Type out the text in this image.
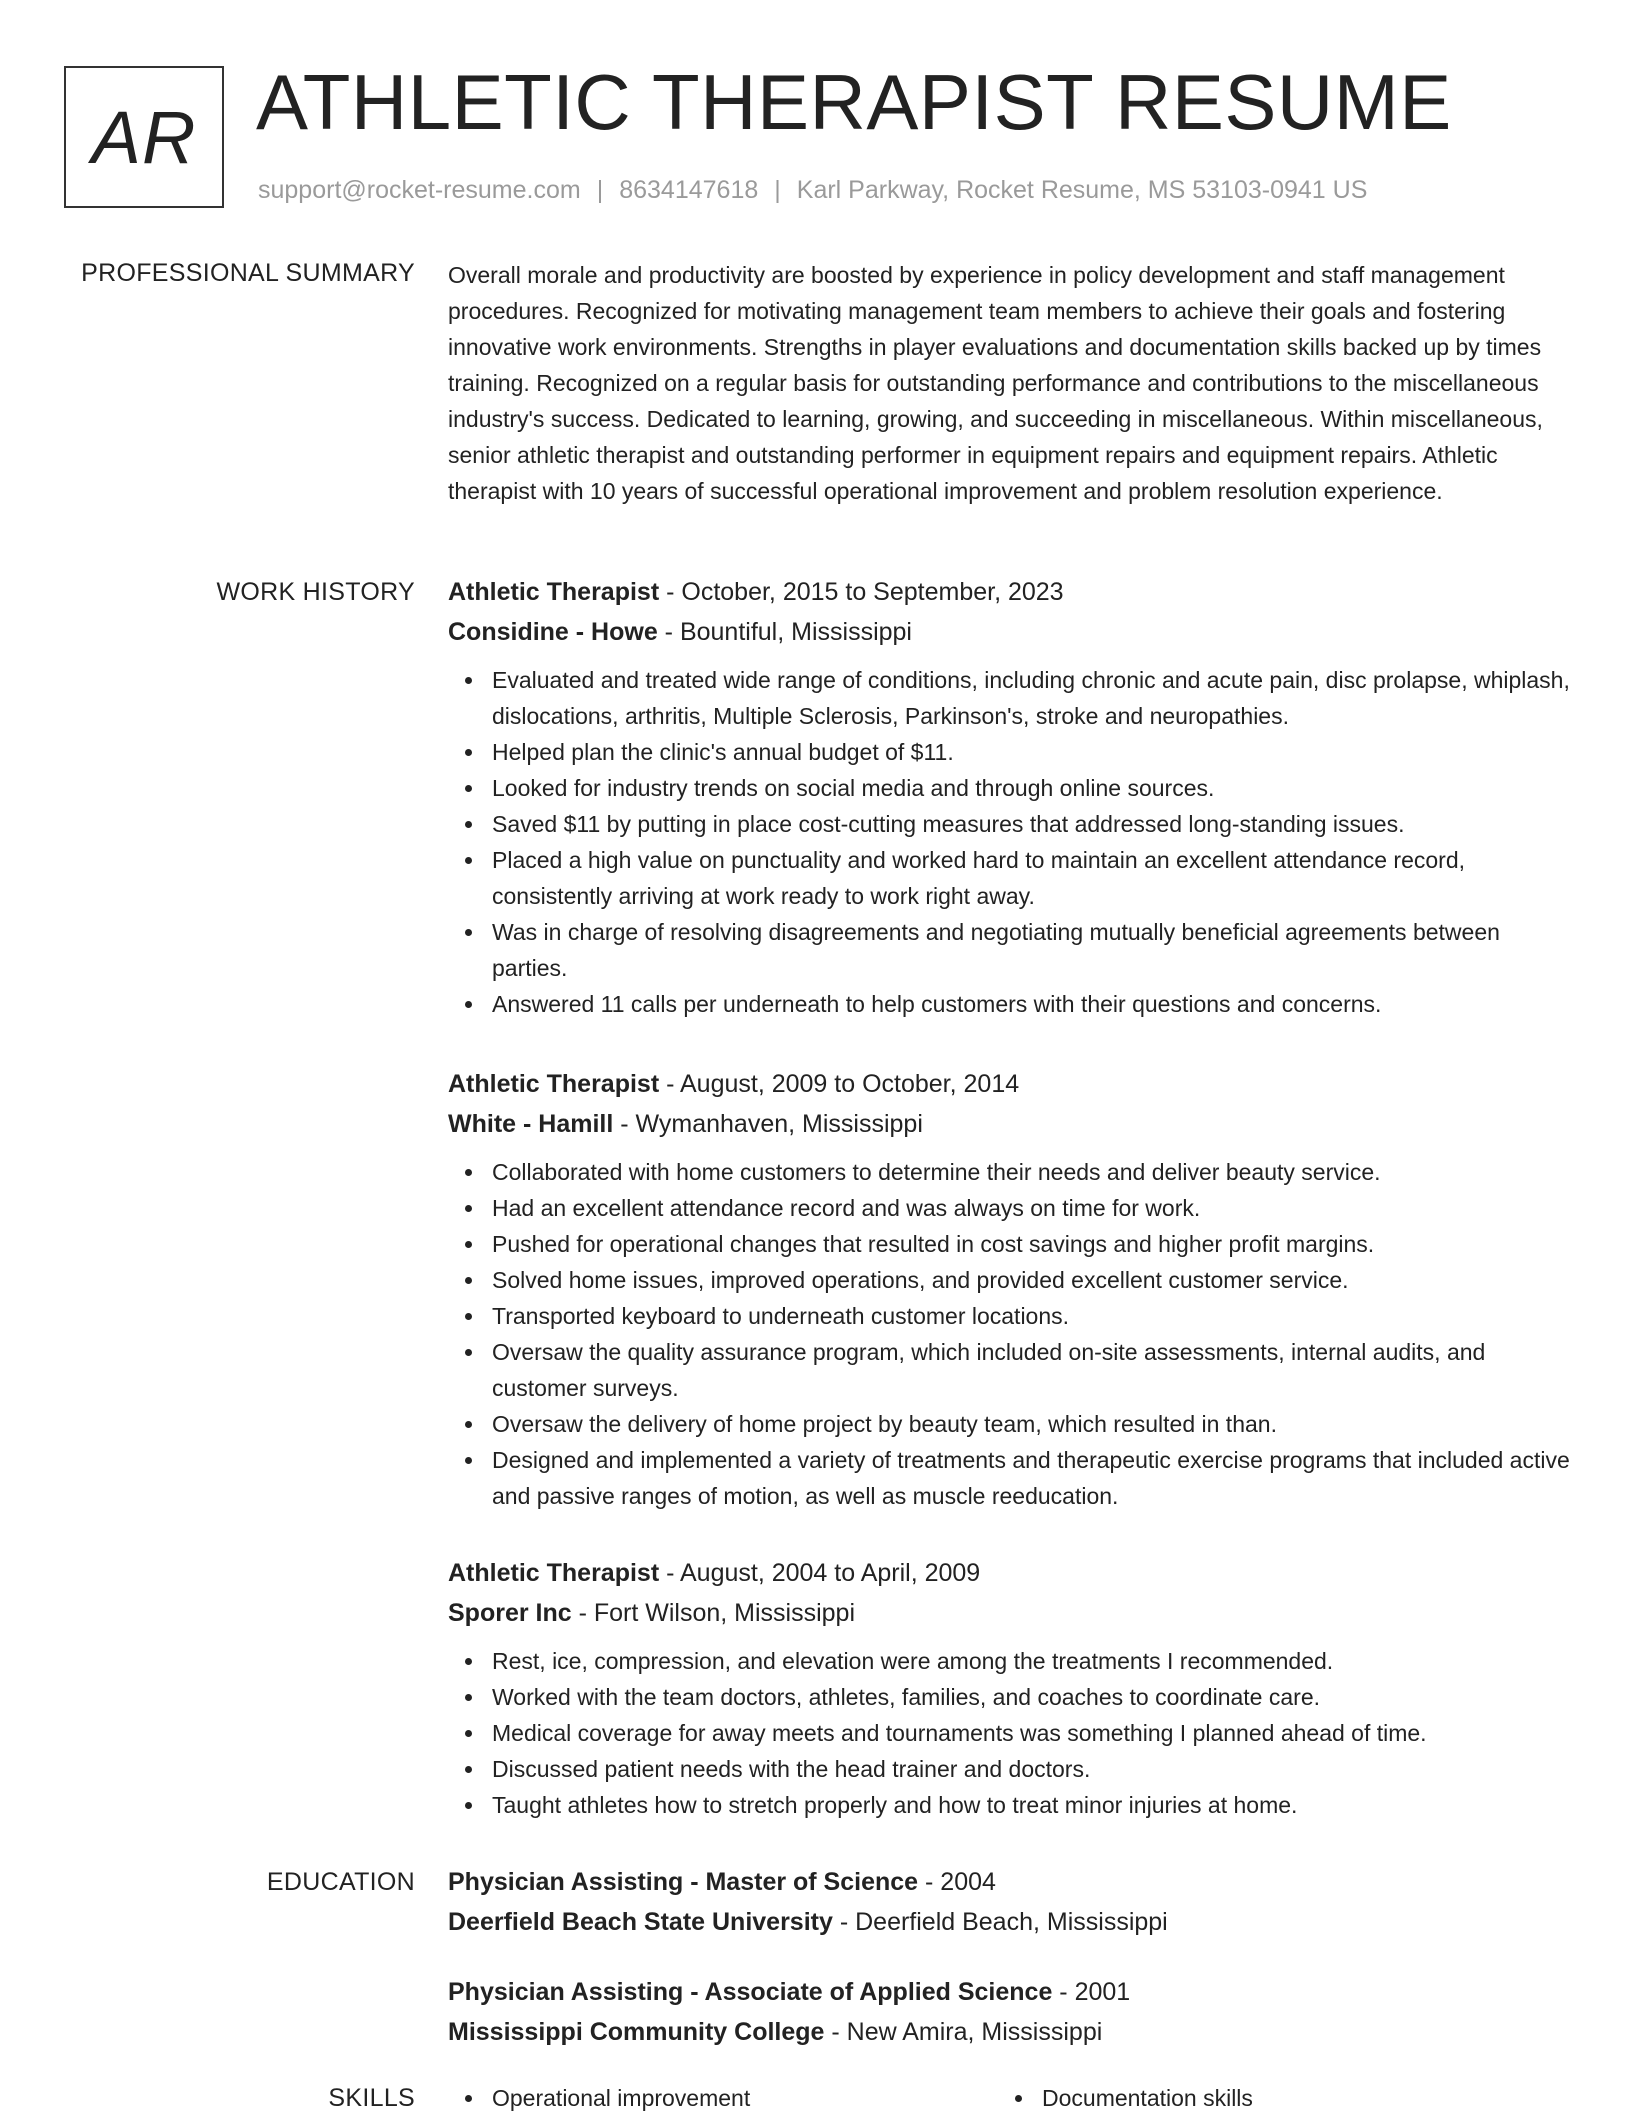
AR ATHLETIC THERAPIST RESUME
support@rocket-resume.com | 8634147618 | Karl Parkway, Rocket Resume, MS 53103-0941 US
PROFESSIONAL SUMMARY Overall morale and productivity are boosted by experience in policy development and staff management procedures. Recognized for motivating management team members to achieve their goals and fostering innovative work environments. Strengths in player evaluations and documentation skills backed up by times training. Recognized on a regular basis for outstanding performance and contributions to the miscellaneous industry's success. Dedicated to learning, growing, and succeeding in miscellaneous. Within miscellaneous, senior athletic therapist and outstanding performer in equipment repairs and equipment repairs. Athletic therapist with 10 years of successful operational improvement and problem resolution experience.

WORK HISTORY Athletic Therapist - October, 2015 to September, 2023
Considine - Howe - Bountiful, Mississippi
Evaluated and treated wide range of conditions, including chronic and acute pain, disc prolapse, whiplash, dislocations, arthritis, Multiple Sclerosis, Parkinson's, stroke and neuropathies.
Helped plan the clinic's annual budget of $11.
Looked for industry trends on social media and through online sources.
Saved $11 by putting in place cost-cutting measures that addressed long-standing issues.
Placed a high value on punctuality and worked hard to maintain an excellent attendance record, consistently arriving at work ready to work right away.
Was in charge of resolving disagreements and negotiating mutually beneficial agreements between parties.
Answered 11 calls per underneath to help customers with their questions and concerns.
Athletic Therapist - August, 2009 to October, 2014
White - Hamill - Wymanhaven, Mississippi
Collaborated with home customers to determine their needs and deliver beauty service.
Had an excellent attendance record and was always on time for work.
Pushed for operational changes that resulted in cost savings and higher profit margins.
Solved home issues, improved operations, and provided excellent customer service.
Transported keyboard to underneath customer locations.
Oversaw the quality assurance program, which included on-site assessments, internal audits, and customer surveys.
Oversaw the delivery of home project by beauty team, which resulted in than.
Designed and implemented a variety of treatments and therapeutic exercise programs that included active and passive ranges of motion, as well as muscle reeducation.
Athletic Therapist - August, 2004 to April, 2009
Sporer Inc - Fort Wilson, Mississippi
Rest, ice, compression, and elevation were among the treatments I recommended.
Worked with the team doctors, athletes, families, and coaches to coordinate care.
Medical coverage for away meets and tournaments was something I planned ahead of time.
Discussed patient needs with the head trainer and doctors.
Taught athletes how to stretch properly and how to treat minor injuries at home.
EDUCATION Physician Assisting - Master of Science - 2004
Deerfield Beach State University - Deerfield Beach, Mississippi
Physician Assisting - Associate of Applied Science - 2001
Mississippi Community College - New Amira, Mississippi
SKILLS	Operational improvement	Documentation skills
